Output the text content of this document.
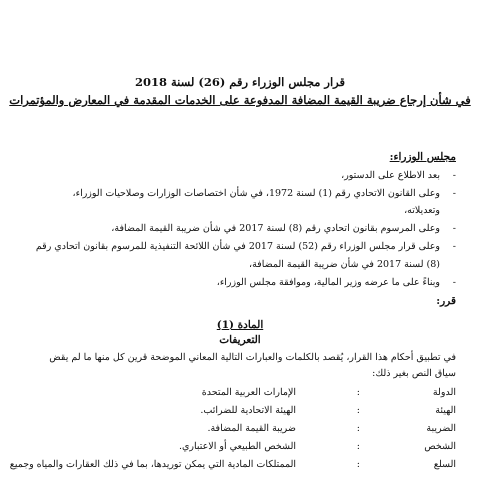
قرار مجلس الوزراء رقم (26) لسنة 2018
في شأن إرجاع ضريبة القيمة المضافة المدفوعة على الخدمات المقدمة في المعارض والمؤتمرات
مجلس الوزراء:
-
بعد الاطلاع على الدستور،
-
وعلى القانون الاتحادي رقم (1) لسنة 1972، في شأن اختصاصات الوزارات وصلاحيات الوزراء،
وتعديلاته،
-
وعلى المرسوم بقانون اتحادي رقم (8) لسنة 2017 في شأن ضريبة القيمة المضافة،
-
وعلى قرار مجلس الوزراء رقم (52) لسنة 2017 في شأن اللائحة التنفيذية للمرسوم بقانون اتحادي رقم
(8) لسنة 2017 في شأن ضريبة القيمة المضافة،
-
وبناءً على ما عرضه وزير المالية، وموافقة مجلس الوزراء،
قرر:
المادة (1)
التعريفات
في تطبيق أحكام هذا القرار، يُقصد بالكلمات والعبارات التالية المعاني الموضحة قرين كل منها ما لم يقض
سياق النص بغير ذلك:
الدولة
:
الإمارات العربية المتحدة
الهيئة
:
الهيئة الاتحادية للضرائب.
الضريبة
:
ضريبة القيمة المضافة.
الشخص
:
الشخص الطبيعي أو الاعتباري.
السلع
:
الممتلكات المادية التي يمكن توريدها، بما في ذلك العقارات والمياه وجميع
